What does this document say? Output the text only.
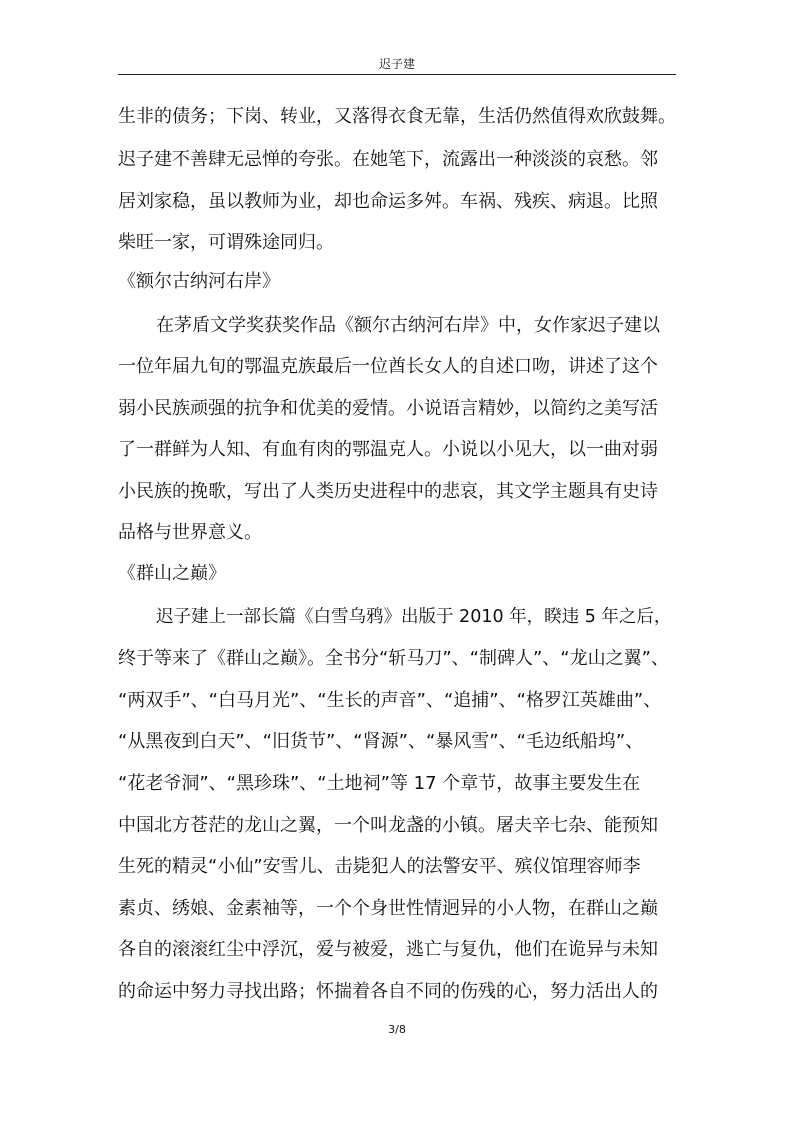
迟子建
生非的债务；下岗、转业，又落得衣食无靠，生活仍然值得欢欣鼓舞。
迟子建不善肆无忌惮的夸张。在她笔下，流露出一种淡淡的哀愁。邻
居刘家稳，虽以教师为业，却也命运多舛。车祸、残疾、病退。比照
柴旺一家，可谓殊途同归。
《额尔古纳河右岸》
在茅盾文学奖获奖作品《额尔古纳河右岸》中，女作家迟子建以
一位年届九旬的鄂温克族最后一位酋长女人的自述口吻，讲述了这个
弱小民族顽强的抗争和优美的爱情。小说语言精妙，以简约之美写活
了一群鲜为人知、有血有肉的鄂温克人。小说以小见大，以一曲对弱
小民族的挽歌，写出了人类历史进程中的悲哀，其文学主题具有史诗
品格与世界意义。
《群山之巅》
迟子建上一部长篇《白雪乌鸦》出版于 2010 年，睽违 5 年之后，
终于等来了《群山之巅》。全书分“斩马刀”、“制碑人”、“龙山之翼”、
“两双手”、“白马月光”、“生长的声音”、“追捕”、“格罗江英雄曲”、
“从黑夜到白天”、“旧货节”、“肾源”、“暴风雪”、“毛边纸船坞”、
“花老爷洞”、“黑珍珠”、“土地祠”等 17 个章节，故事主要发生在
中国北方苍茫的龙山之翼，一个叫龙盏的小镇。屠夫辛七杂、能预知
生死的精灵“小仙”安雪儿、击毙犯人的法警安平、殡仪馆理容师李
素贞、绣娘、金素袖等，一个个身世性情迥异的小人物，在群山之巅
各自的滚滚红尘中浮沉，爱与被爱，逃亡与复仇，他们在诡异与未知
的命运中努力寻找出路；怀揣着各自不同的伤残的心，努力活出人的
3/8
